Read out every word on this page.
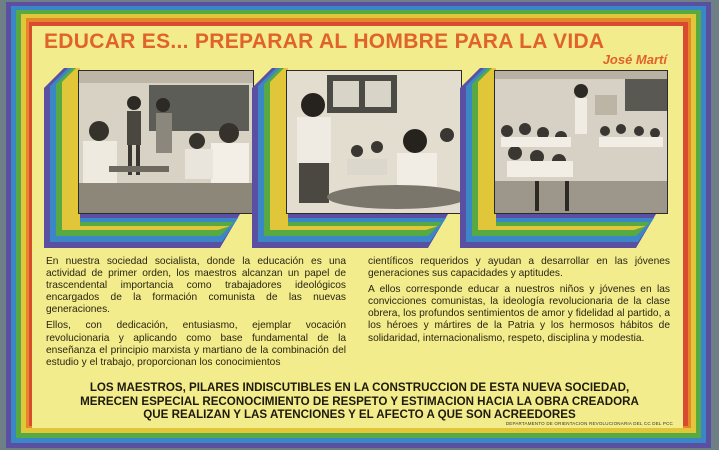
EDUCAR ES... PREPARAR AL HOMBRE PARA LA VIDA
José Martí

En nuestra sociedad socialista, donde la educación es una actividad de primer orden, los maestros alcanzan un papel de trascendental importancia como trabajadores ideológicos encargados de la formación comunista de las nuevas generaciones.

Ellos, con dedicación, entusiasmo, ejemplar vocación revolucionaria y aplicando como base fundamental de la enseñanza el principio marxista y martiano de la combinación del estudio y el trabajo, proporcionan los conocimientos

científicos requeridos y ayudan a desarrollar en las jóvenes generaciones sus capacidades y aptitudes.

A ellos corresponde educar a nuestros niños y jóvenes en las convicciones comunistas, la ideología revolucionaria de la clase obrera, los profundos sentimientos de amor y fidelidad al partido, a los héroes y mártires de la Patria y los hermosos hábitos de solidaridad, internacionalismo, respeto, disciplina y modestia.

LOS MAESTROS, PILARES INDISCUTIBLES EN LA CONSTRUCCION DE ESTA NUEVA SOCIEDAD,
MERECEN ESPECIAL RECONOCIMIENTO DE RESPETO Y ESTIMACION HACIA LA OBRA CREADORA
QUE REALIZAN Y LAS ATENCIONES Y EL AFECTO A QUE SON ACREEDORES
DEPARTAMENTO DE ORIENTACION REVOLUCIONARIA DEL CC DEL PCC
